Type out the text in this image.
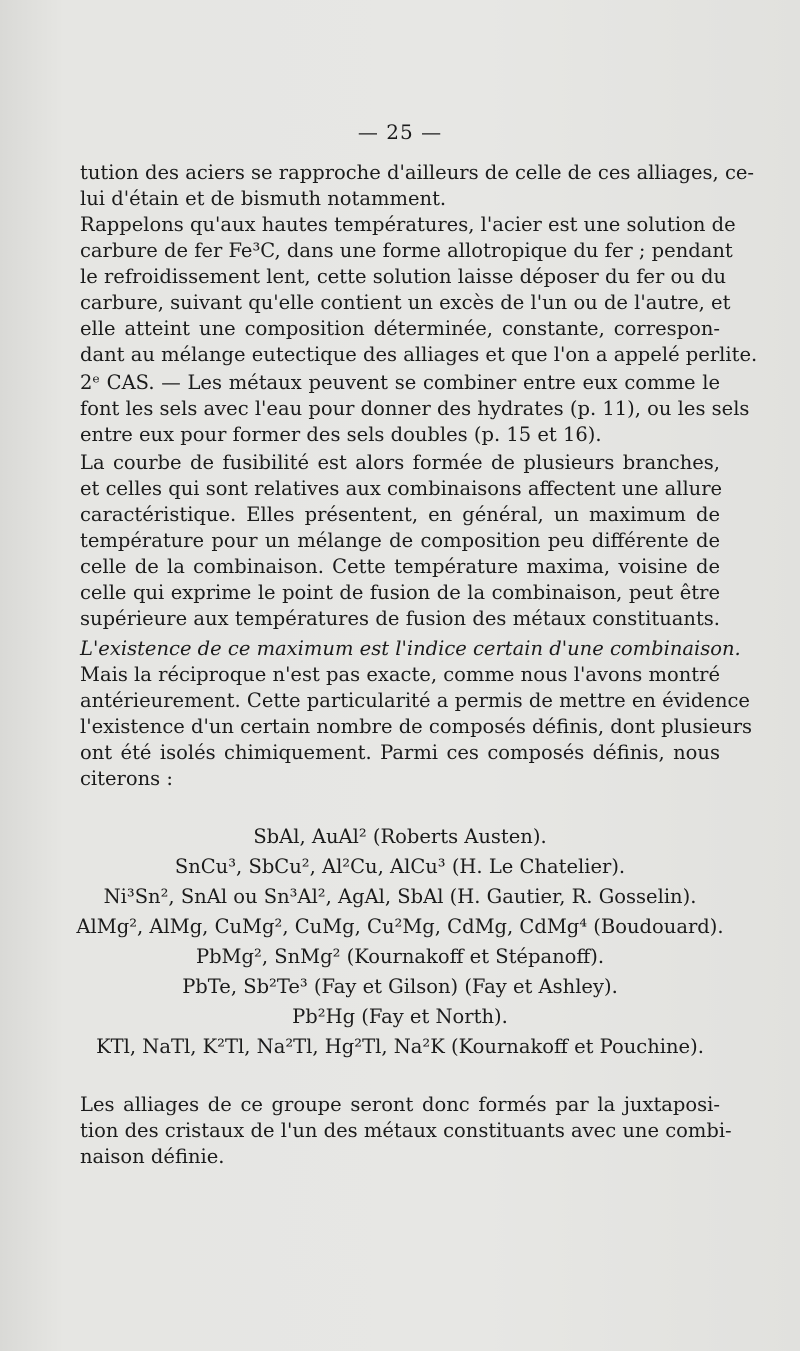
— 25 —
tution des aciers se rapproche d'ailleurs de celle de ces alliages, ce-
lui d'étain et de bismuth notamment.
Rappelons qu'aux hautes températures, l'acier est une solution de
carbure de fer Fe³C, dans une forme allotropique du fer ; pendant
le refroidissement lent, cette solution laisse déposer du fer ou du
carbure, suivant qu'elle contient un excès de l'un ou de l'autre, et
elle atteint une composition déterminée, constante, correspon-
dant au mélange eutectique des alliages et que l'on a appelé perlite.
2ᵉ CAS. — Les métaux peuvent se combiner entre eux comme le
font les sels avec l'eau pour donner des hydrates (p. 11), ou les sels
entre eux pour former des sels doubles (p. 15 et 16).
La courbe de fusibilité est alors formée de plusieurs branches,
et celles qui sont relatives aux combinaisons affectent une allure
caractéristique. Elles présentent, en général, un maximum de
température pour un mélange de composition peu différente de
celle de la combinaison. Cette température maxima, voisine de
celle qui exprime le point de fusion de la combinaison, peut être
supérieure aux températures de fusion des métaux constituants.
L'existence de ce maximum est l'indice certain d'une combinaison.
Mais la réciproque n'est pas exacte, comme nous l'avons montré
antérieurement. Cette particularité a permis de mettre en évidence
l'existence d'un certain nombre de composés définis, dont plusieurs
ont été isolés chimiquement. Parmi ces composés définis, nous
citerons :
SbAl, AuAl² (Roberts Austen).
SnCu³, SbCu², Al²Cu, AlCu³ (H. Le Chatelier).
Ni³Sn², SnAl ou Sn³Al², AgAl, SbAl (H. Gautier, R. Gosselin).
AlMg², AlMg, CuMg², CuMg, Cu²Mg, CdMg, CdMg⁴ (Boudouard).
PbMg², SnMg² (Kournakoff et Stépanoff).
PbTe, Sb²Te³ (Fay et Gilson) (Fay et Ashley).
Pb²Hg (Fay et North).
KTl, NaTl, K²Tl, Na²Tl, Hg²Tl, Na²K (Kournakoff et Pouchine).
Les alliages de ce groupe seront donc formés par la juxtaposi-
tion des cristaux de l'un des métaux constituants avec une combi-
naison définie.
